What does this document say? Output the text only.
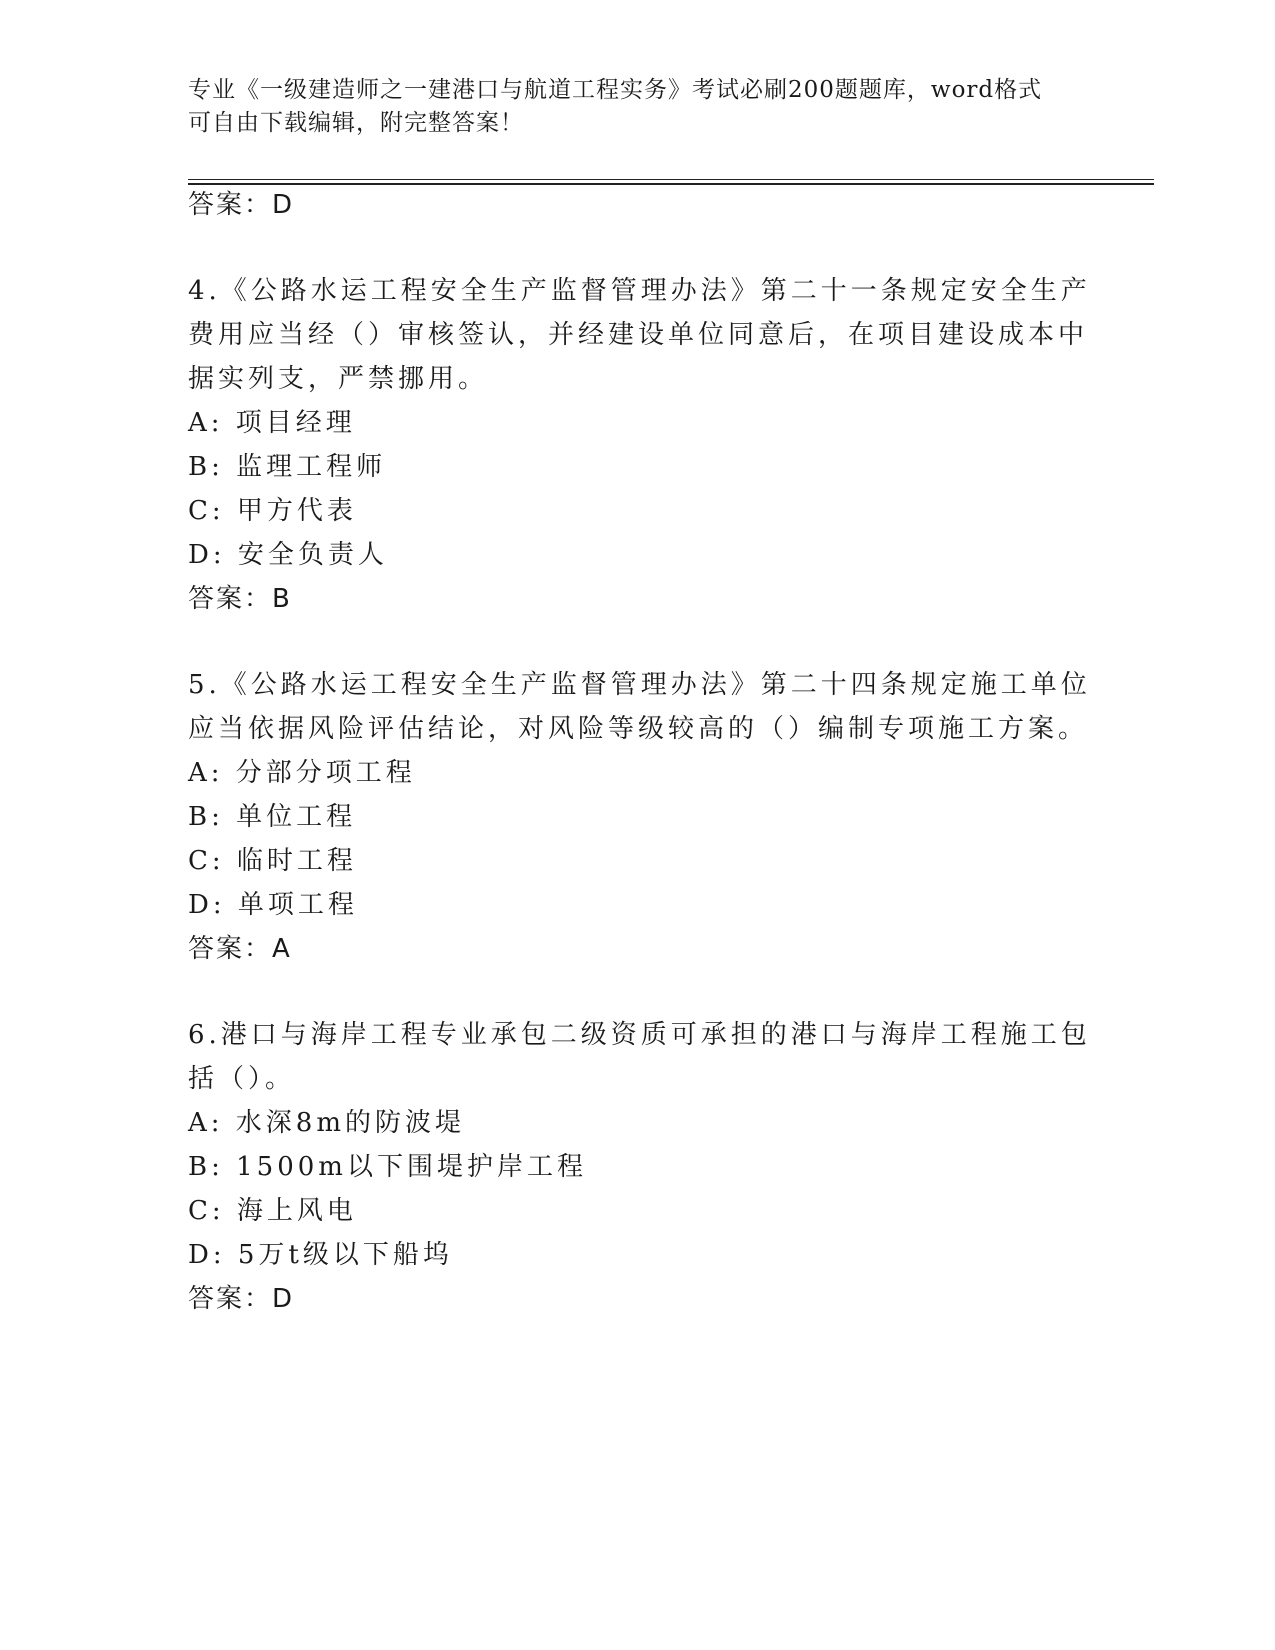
专业《一级建造师之一建港口与航道工程实务》考试必刷200题题库，word格式
可自由下载编辑，附完整答案！
答案：D
4.《公路水运工程安全生产监督管理办法》第二十一条规定安全生产
费用应当经（）审核签认，并经建设单位同意后，在项目建设成本中
据实列支，严禁挪用。
A: 项目经理
B: 监理工程师
C: 甲方代表
D: 安全负责人
答案：B
5.《公路水运工程安全生产监督管理办法》第二十四条规定施工单位
应当依据风险评估结论，对风险等级较高的（）编制专项施工方案。
A: 分部分项工程
B: 单位工程
C: 临时工程
D: 单项工程
答案：A
6.港口与海岸工程专业承包二级资质可承担的港口与海岸工程施工包
括（）。
A: 水深8m的防波堤
B: 1500m以下围堤护岸工程
C: 海上风电
D: 5万t级以下船坞
答案：D
